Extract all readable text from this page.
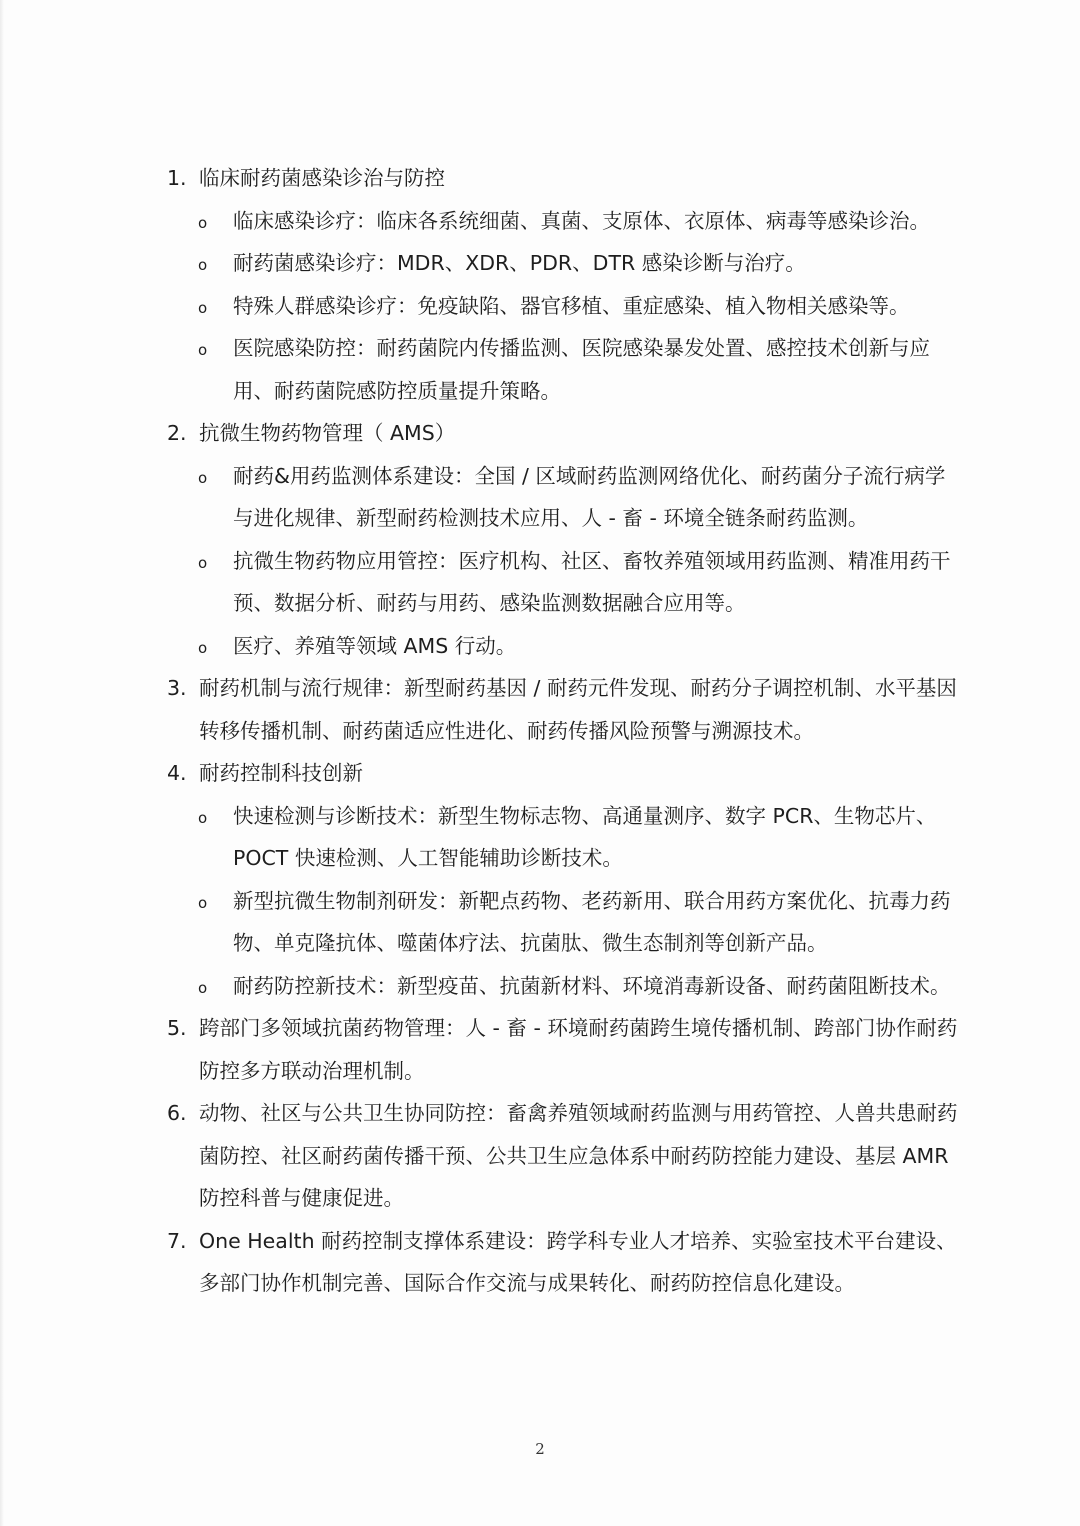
1. 临床耐药菌感染诊治与防控
o 临床感染诊疗：临床各系统细菌、真菌、支原体、衣原体、病毒等感染诊治。
o 耐药菌感染诊疗：MDR、XDR、PDR、DTR 感染诊断与治疗。
o 特殊人群感染诊疗：免疫缺陷、器官移植、重症感染、植入物相关感染等。
o 医院感染防控：耐药菌院内传播监测、医院感染暴发处置、感控技术创新与应用、耐药菌院感防控质量提升策略。
2. 抗微生物药物管理（ AMS）
o 耐药&用药监测体系建设：全国 / 区域耐药监测网络优化、耐药菌分子流行病学与进化规律、新型耐药检测技术应用、人 - 畜 - 环境全链条耐药监测。
o 抗微生物药物应用管控：医疗机构、社区、畜牧养殖领域用药监测、精准用药干预、数据分析、耐药与用药、感染监测数据融合应用等。
o 医疗、养殖等领域 AMS 行动。
3. 耐药机制与流行规律：新型耐药基因 / 耐药元件发现、耐药分子调控机制、水平基因转移传播机制、耐药菌适应性进化、耐药传播风险预警与溯源技术。
4. 耐药控制科技创新
o 快速检测与诊断技术：新型生物标志物、高通量测序、数字 PCR、生物芯片、POCT 快速检测、人工智能辅助诊断技术。
o 新型抗微生物制剂研发：新靶点药物、老药新用、联合用药方案优化、抗毒力药物、单克隆抗体、噬菌体疗法、抗菌肽、微生态制剂等创新产品。
o 耐药防控新技术：新型疫苗、抗菌新材料、环境消毒新设备、耐药菌阻断技术。
5. 跨部门多领域抗菌药物管理：人 - 畜 - 环境耐药菌跨生境传播机制、跨部门协作耐药防控多方联动治理机制。
6. 动物、社区与公共卫生协同防控：畜禽养殖领域耐药监测与用药管控、人兽共患耐药菌防控、社区耐药菌传播干预、公共卫生应急体系中耐药防控能力建设、基层 AMR 防控科普与健康促进。
7. One Health 耐药控制支撑体系建设：跨学科专业人才培养、实验室技术平台建设、多部门协作机制完善、国际合作交流与成果转化、耐药防控信息化建设。
2
